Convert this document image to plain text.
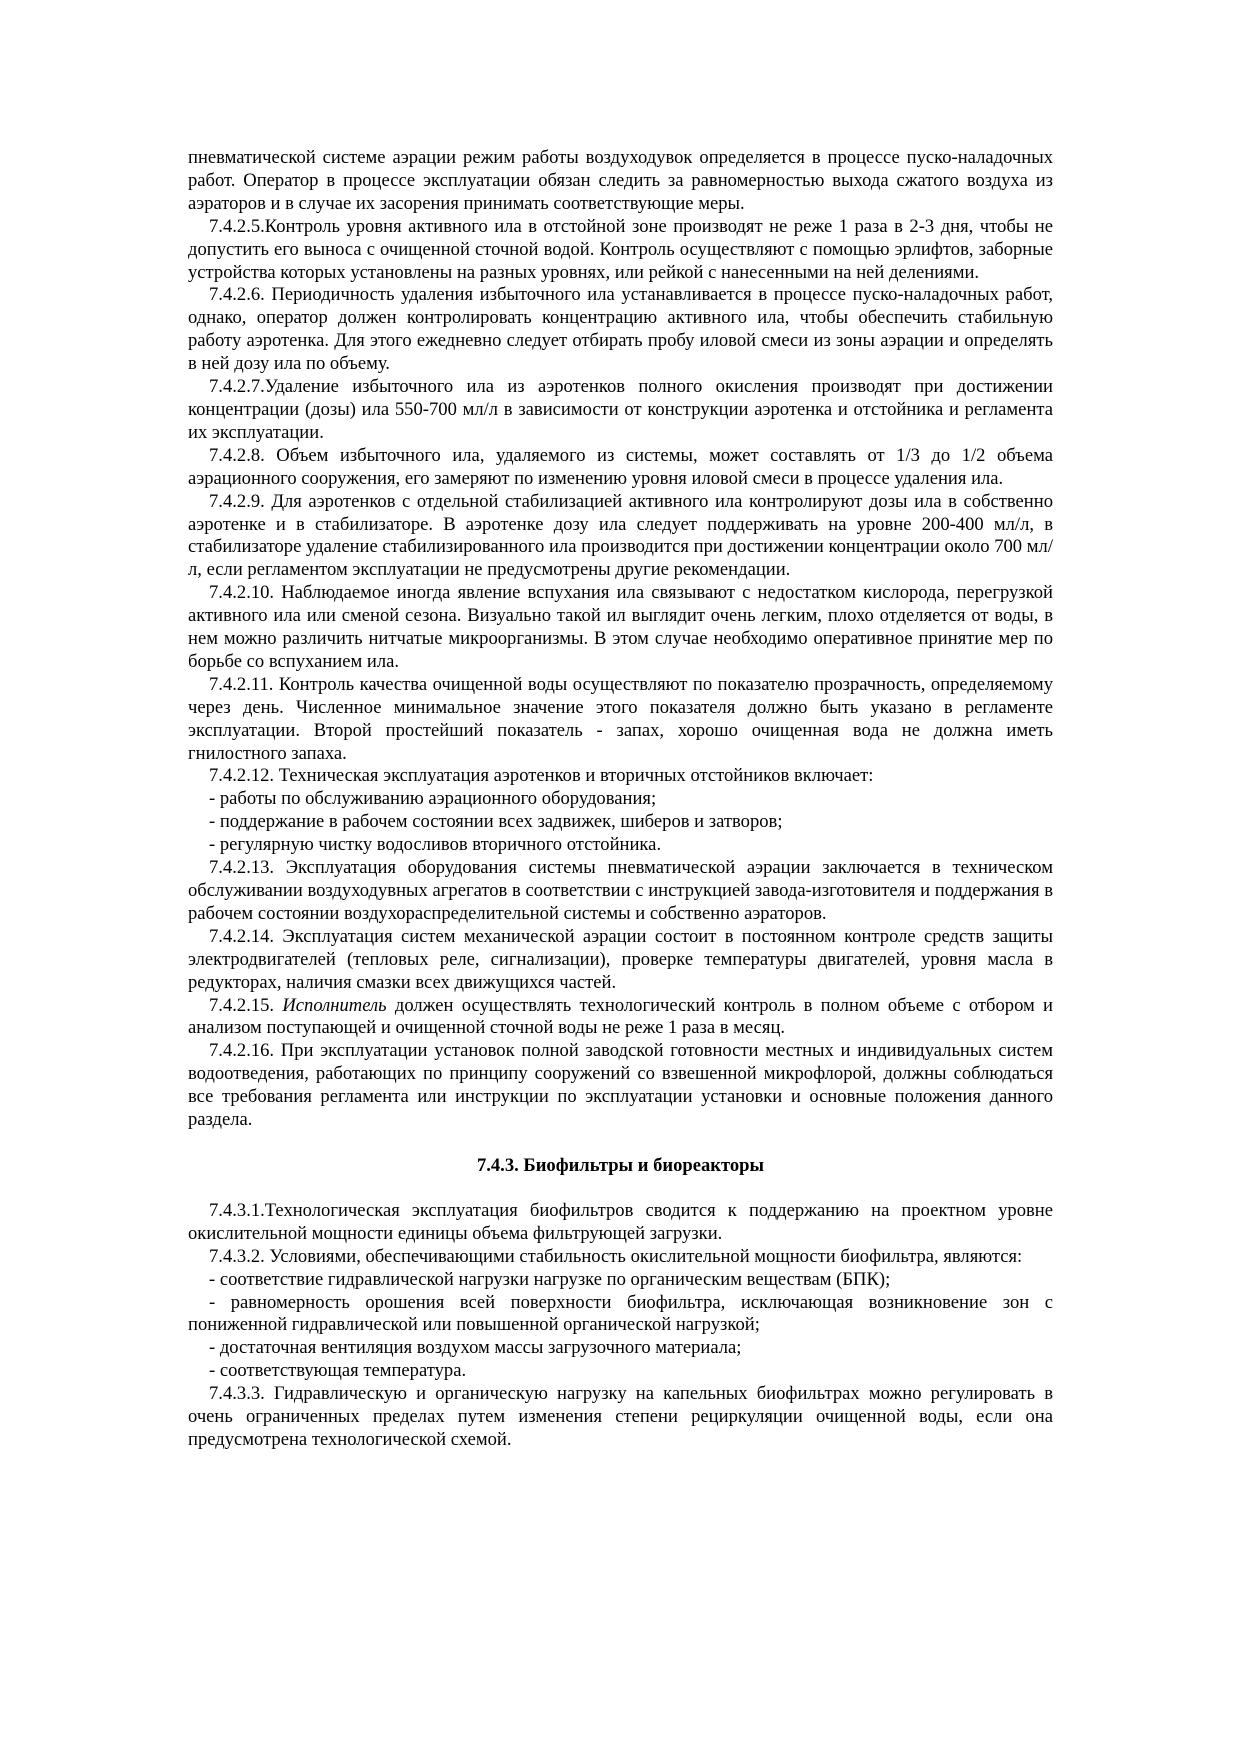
пневматической системе аэрации режим работы воздуходувок определяется в процессе пуско-наладочных работ. Оператор в процессе эксплуатации обязан следить за равномерностью выхода сжатого воздуха из аэраторов и в случае их засорения принимать соответствующие меры.

7.4.2.5.Контроль уровня активного ила в отстойной зоне производят не реже 1 раза в 2-3 дня, чтобы не допустить его выноса с очищенной сточной водой. Контроль осуществляют с помощью эрлифтов, заборные устройства которых установлены на разных уровнях, или рейкой с нанесенными на ней делениями.

7.4.2.6. Периодичность удаления избыточного ила устанавливается в процессе пуско-наладочных работ, однако, оператор должен контролировать концентрацию активного ила, чтобы обеспечить стабильную работу аэротенка. Для этого ежедневно следует отбирать пробу иловой смеси из зоны аэрации и определять в ней дозу ила по объему.

7.4.2.7.Удаление избыточного ила из аэротенков полного окисления производят при достижении концентрации (дозы) ила 550-700 мл/л в зависимости от конструкции аэротенка и отстойника и регламента их эксплуатации.

7.4.2.8. Объем избыточного ила, удаляемого из системы, может составлять от 1/3 до 1/2 объема аэрационного сооружения, его замеряют по изменению уровня иловой смеси в процессе удаления ила.

7.4.2.9. Для аэротенков с отдельной стабилизацией активного ила контролируют дозы ила в собственно аэротенке и в стабилизаторе. В аэротенке дозу ила следует поддерживать на уровне 200-400 мл/л, в стабилизаторе удаление стабилизированного ила производится при достижении концентрации около 700 мл/л, если регламентом эксплуатации не предусмотрены другие рекомендации.

7.4.2.10. Наблюдаемое иногда явление вспухания ила связывают с недостатком кислорода, перегрузкой активного ила или сменой сезона. Визуально такой ил выглядит очень легким, плохо отделяется от воды, в нем можно различить нитчатые микроорганизмы. В этом случае необходимо оперативное принятие мер по борьбе со вспуханием ила.

7.4.2.11. Контроль качества очищенной воды осуществляют по показателю прозрачность, определяемому через день. Численное минимальное значение этого показателя должно быть указано в регламенте эксплуатации. Второй простейший показатель - запах, хорошо очищенная вода не должна иметь гнилостного запаха.

7.4.2.12. Техническая эксплуатация аэротенков и вторичных отстойников включает:

- работы по обслуживанию аэрационного оборудования;

- поддержание в рабочем состоянии всех задвижек, шиберов и затворов;

- регулярную чистку водосливов вторичного отстойника.

7.4.2.13. Эксплуатация оборудования системы пневматической аэрации заключается в техническом обслуживании воздуходувных агрегатов в соответствии с инструкцией завода-изготовителя и поддержания в рабочем состоянии воздухораспределительной системы и собственно аэраторов.

7.4.2.14. Эксплуатация систем механической аэрации состоит в постоянном контроле средств защиты электродвигателей (тепловых реле, сигнализации), проверке температуры двигателей, уровня масла в редукторах, наличия смазки всех движущихся частей.

7.4.2.15. Исполнитель должен осуществлять технологический контроль в полном объеме с отбором и анализом поступающей и очищенной сточной воды не реже 1 раза в месяц.

7.4.2.16. При эксплуатации установок полной заводской готовности местных и индивидуальных систем водоотведения, работающих по принципу сооружений со взвешенной микрофлорой, должны соблюдаться все требования регламента или инструкции по эксплуатации установки и основные положения данного раздела.

7.4.3. Биофильтры и биореакторы

7.4.3.1.Технологическая эксплуатация биофильтров сводится к поддержанию на проектном уровне окислительной мощности единицы объема фильтрующей загрузки.

7.4.3.2. Условиями, обеспечивающими стабильность окислительной мощности биофильтра, являются:

- соответствие гидравлической нагрузки нагрузке по органическим веществам (БПК);

- равномерность орошения всей поверхности биофильтра, исключающая возникновение зон с пониженной гидравлической или повышенной органической нагрузкой;

- достаточная вентиляция воздухом массы загрузочного материала;

- соответствующая температура.

7.4.3.3. Гидравлическую и органическую нагрузку на капельных биофильтрах можно регулировать в очень ограниченных пределах путем изменения степени рециркуляции очищенной воды, если она предусмотрена технологической схемой.
